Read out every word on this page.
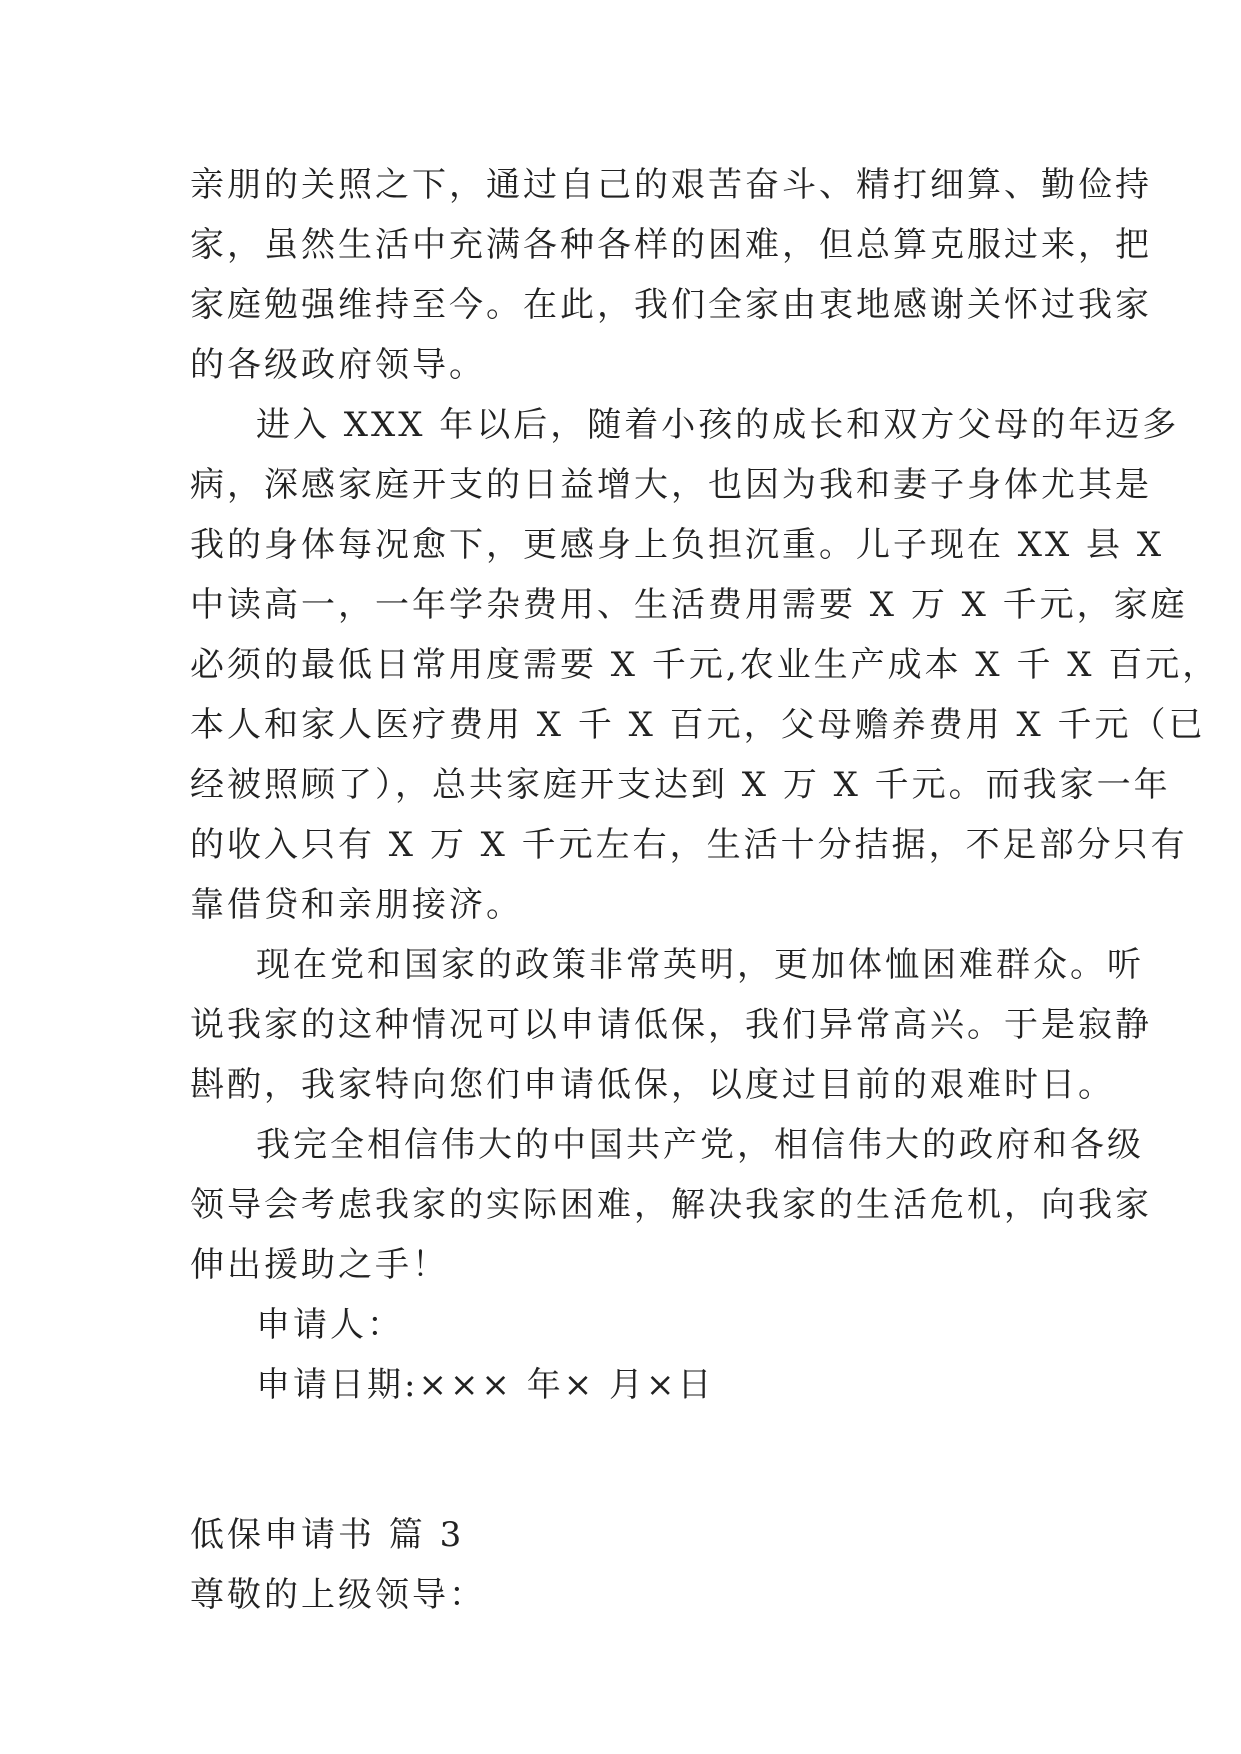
亲朋的关照之下，通过自己的艰苦奋斗、精打细算、勤俭持
家，虽然生活中充满各种各样的困难，但总算克服过来，把
家庭勉强维持至今。在此，我们全家由衷地感谢关怀过我家
的各级政府领导。
进入 XXX 年以后，随着小孩的成长和双方父母的年迈多
病，深感家庭开支的日益增大，也因为我和妻子身体尤其是
我的身体每况愈下，更感身上负担沉重。儿子现在 XX 县 X
中读高一，一年学杂费用、生活费用需要 X 万 X 千元，家庭
必须的最低日常用度需要 X 千元,农业生产成本 X 千 X 百元，
本人和家人医疗费用 X 千 X 百元，父母赡养费用 X 千元（已
经被照顾了），总共家庭开支达到 X 万 X 千元。而我家一年
的收入只有 X 万 X 千元左右，生活十分拮据，不足部分只有
靠借贷和亲朋接济。
现在党和国家的政策非常英明，更加体恤困难群众。听
说我家的这种情况可以申请低保，我们异常高兴。于是寂静
斟酌，我家特向您们申请低保，以度过目前的艰难时日。
我完全相信伟大的中国共产党，相信伟大的政府和各级
领导会考虑我家的实际困难，解决我家的生活危机，向我家
伸出援助之手！
申请人：
申请日期:××× 年× 月×日
低保申请书 篇 3
尊敬的上级领导：
